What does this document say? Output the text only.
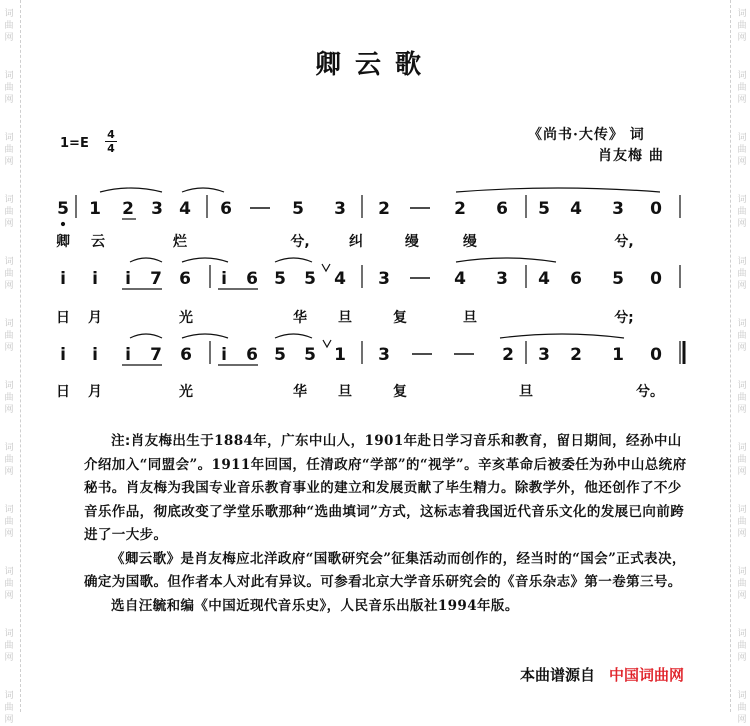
词
曲
网
词
曲
网
词
曲
网
词
曲
网
词
曲
网
词
曲
网
词
曲
网
词
曲
网
词
曲
网
词
曲
网
词
曲
网
词
曲
网
词
曲
网
词
曲
网
词
曲
网
词
曲
网
词
曲
网
词
曲
网
词
曲
网
词
曲
网
词
曲
网
词
曲
网
词
曲
网
词
曲
网
卿云歌
1=E
4
4
《尚书·大传》 词
肖友梅 曲
5 1 2 3 4 6	5 3 2	2 6 5 4 3 0
卿 云	烂	兮,	纠	缦	缦	兮,
i i i 7 6 i 6 5 5 4 3	4 3 4 6 5 0
日 月	光	华 旦	复	旦	兮;
i i i 7 6 i 6 5 5 1 3	2 3 2 1 0
日 月	光	华 旦	复	旦	兮。

注:肖友梅出生于1884年，广东中山人，1901年赴日学习音乐和教育，留日期间，经孙中山介绍加入“同盟会”。1911年回国，任清政府“学部”的“视学”。辛亥革命后被委任为孙中山总统府秘书。肖友梅为我国专业音乐教育事业的建立和发展贡献了毕生精力。除教学外，他还创作了不少音乐作品，彻底改变了学堂乐歌那种“选曲填词”方式，这标志着我国近代音乐文化的发展已向前跨进了一大步。

《卿云歌》是肖友梅应北洋政府“国歌研究会”征集活动而创作的，经当时的“国会”正式表决，确定为国歌。但作者本人对此有异议。可参看北京大学音乐研究会的《音乐杂志》第一卷第三号。

选自汪毓和编《中国近现代音乐史》，人民音乐出版社1994年版。

本曲谱源自 中国词曲网
